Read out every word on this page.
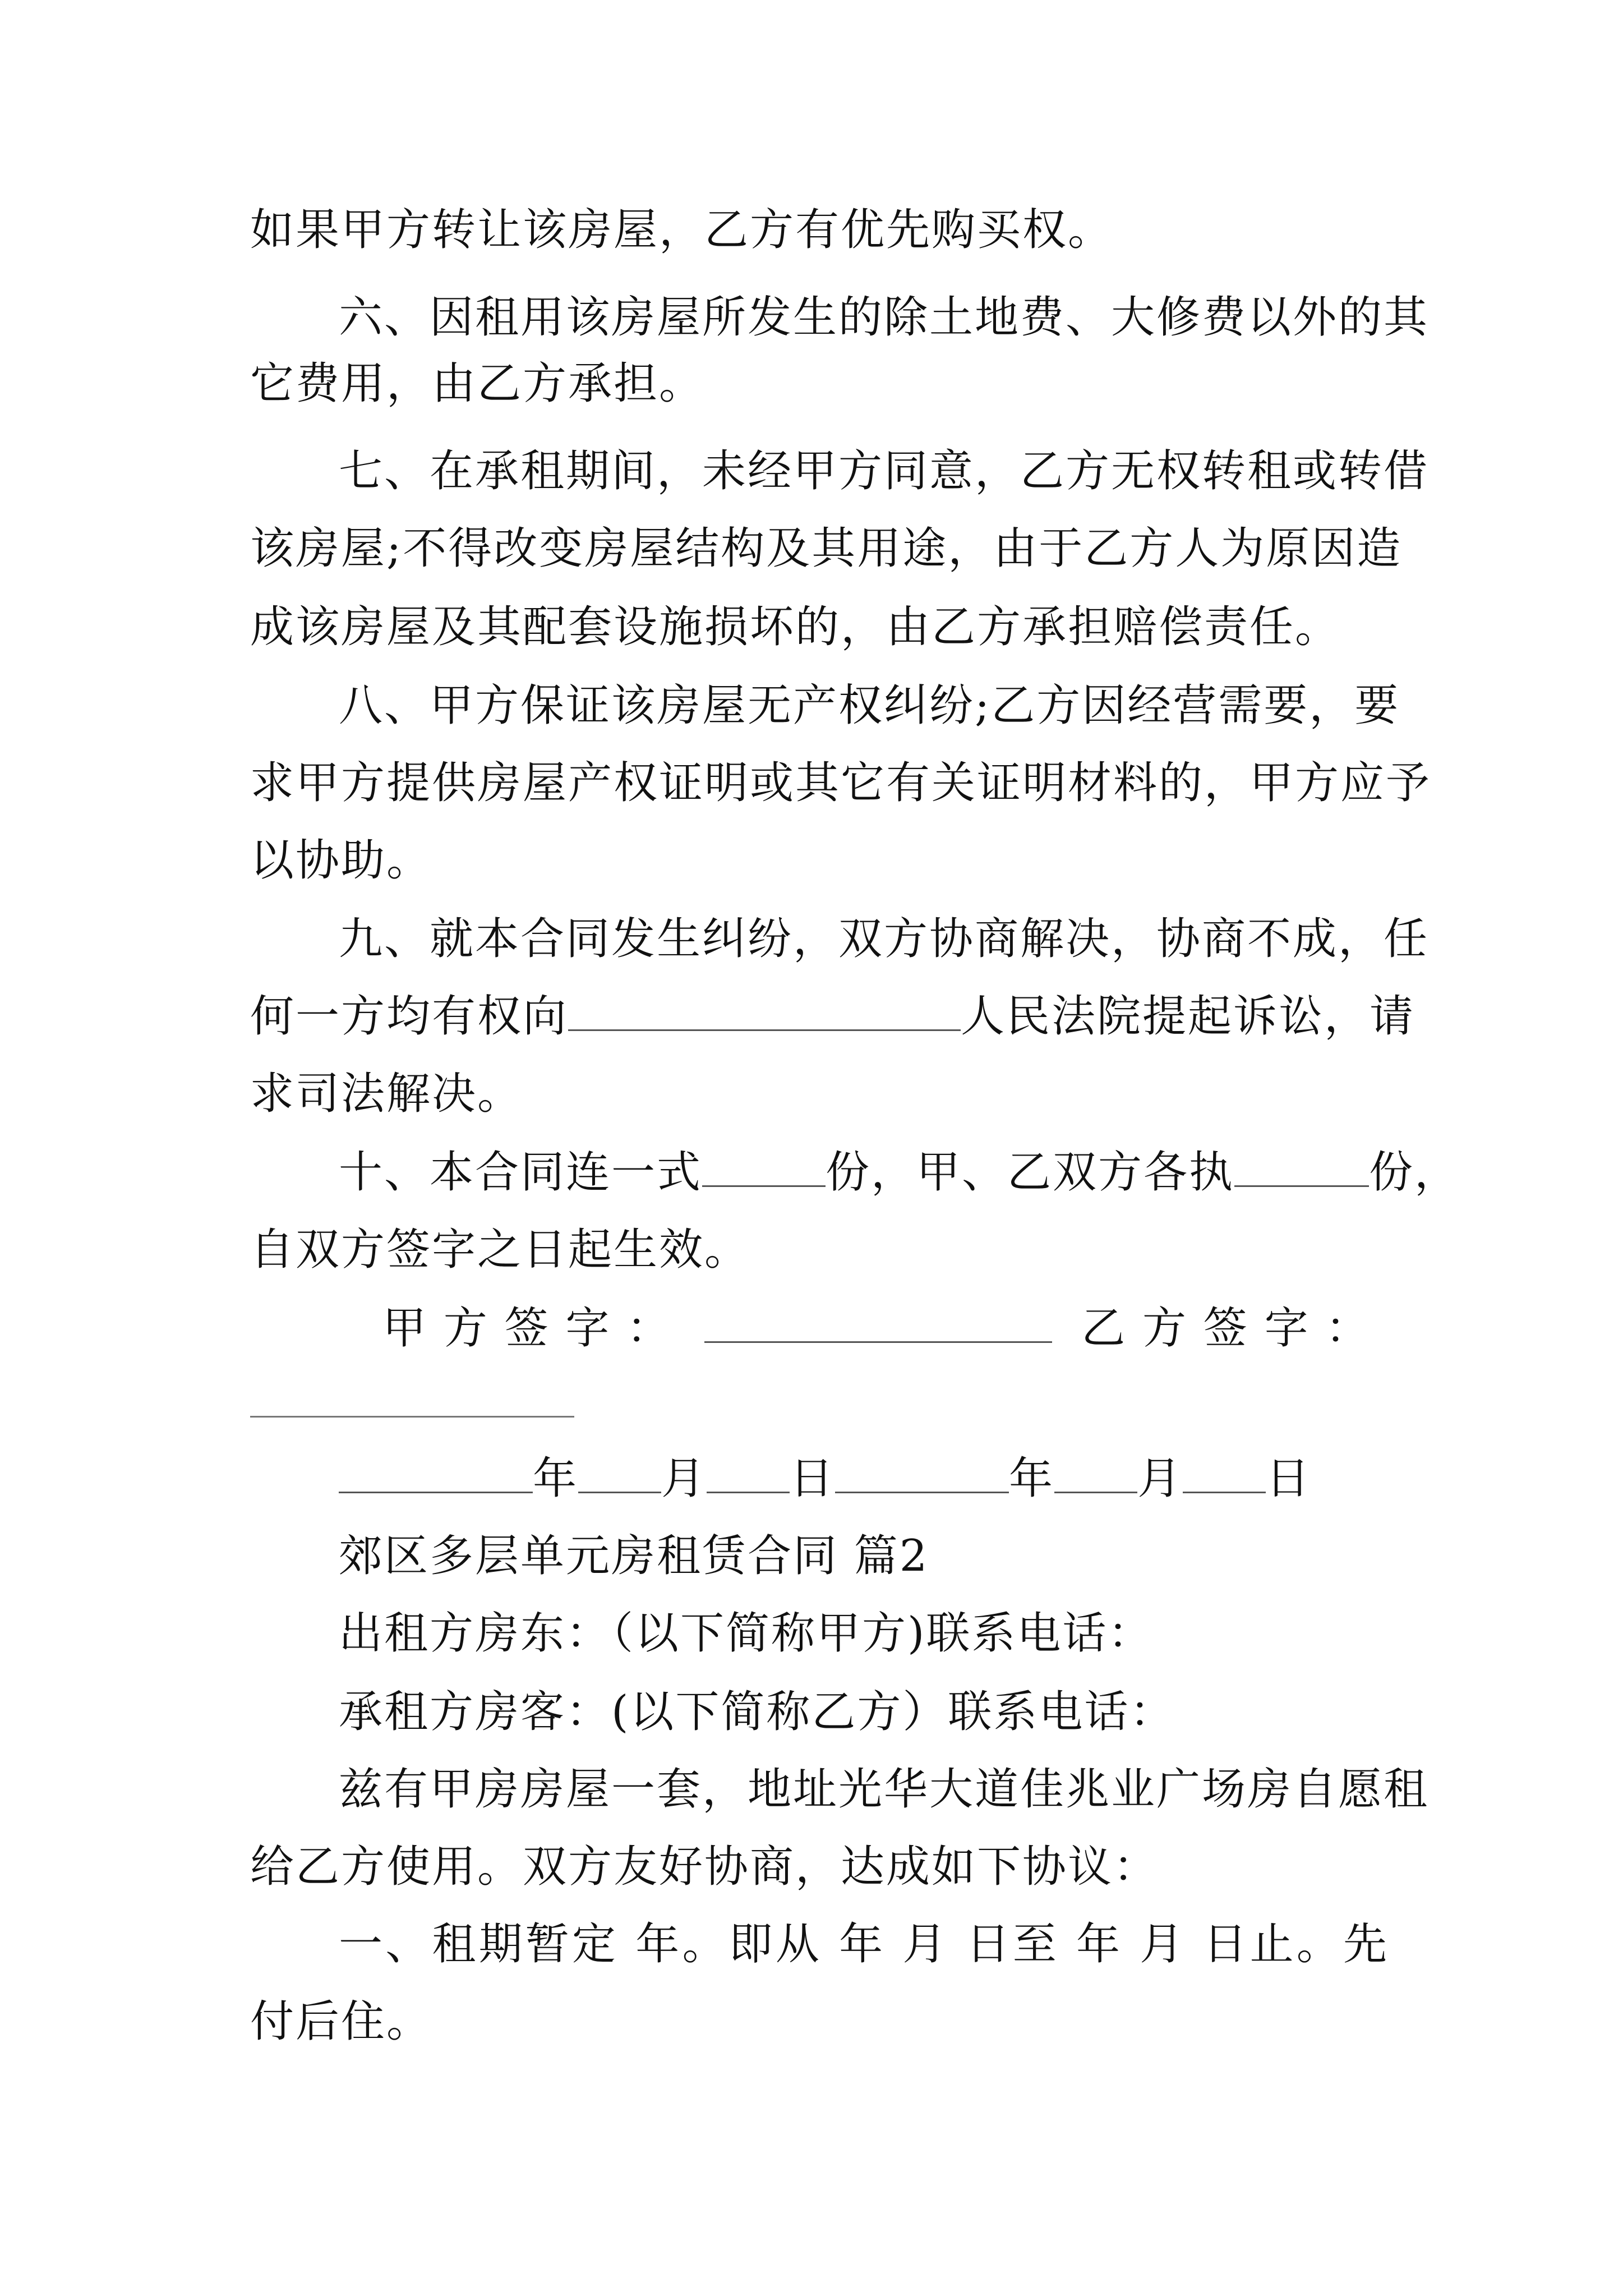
如果甲方转让该房屋，乙方有优先购买权。
六、因租用该房屋所发生的除土地费、大修费以外的其
它费用，由乙方承担。
七、在承租期间，未经甲方同意，乙方无权转租或转借
该房屋;不得改变房屋结构及其用途，由于乙方人为原因造
成该房屋及其配套设施损坏的，由乙方承担赔偿责任。
八、甲方保证该房屋无产权纠纷;乙方因经营需要，要
求甲方提供房屋产权证明或其它有关证明材料的，甲方应予
以协助。
九、就本合同发生纠纷，双方协商解决，协商不成，任
何一方均有权向	人民法院提起诉讼，请
求司法解决。
十、本合同连一式	份，甲、乙双方各执	份，
自双方签字之日起生效。
甲 方 签 字 ：	乙 方 签 字 ：
年 月 日	年 月 日
郊区多层单元房租赁合同 篇2
出租方房东：（以下简称甲方)联系电话：
承租方房客：(以下简称乙方）联系电话：
兹有甲房房屋一套，地址光华大道佳兆业广场房自愿租
给乙方使用。双方友好协商，达成如下协议：
一、租期暂定 年。即从 年 月 日至 年 月 日止。先
付后住。
